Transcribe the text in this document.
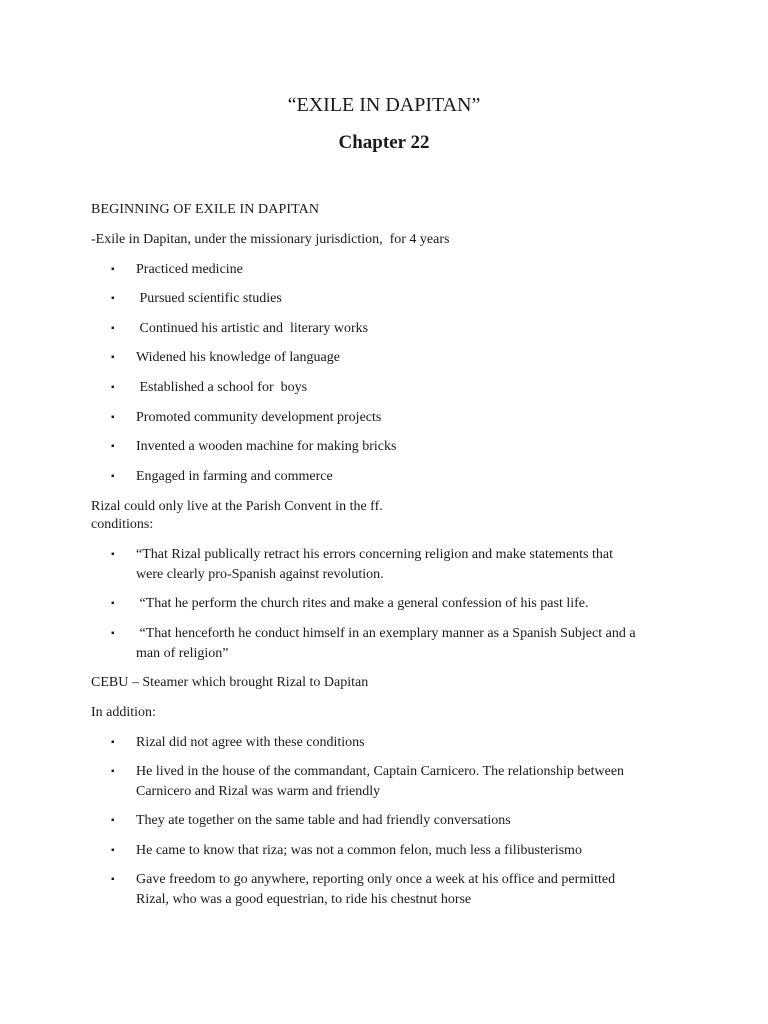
“EXILE IN DAPITAN”
Chapter 22

BEGINNING OF EXILE IN DAPITAN

-Exile in Dapitan, under the missionary jurisdiction,  for 4 years

▪	Practiced medicine
▪	Pursued scientific studies
▪	Continued his artistic and  literary works
▪	Widened his knowledge of language
▪	Established a school for  boys
▪	Promoted community development projects
▪	Invented a wooden machine for making bricks
▪	Engaged in farming and commerce

Rizal could only live at the Parish Convent in the ff.

conditions:

▪	“That Rizal publically retract his errors concerning religion and make statements that
were clearly pro-Spanish against revolution.
▪	“That he perform the church rites and make a general confession of his past life.
▪	“That henceforth he conduct himself in an exemplary manner as a Spanish Subject and a
man of religion”

CEBU – Steamer which brought Rizal to Dapitan

In addition:

▪	Rizal did not agree with these conditions
▪	He lived in the house of the commandant, Captain Carnicero. The relationship between
Carnicero and Rizal was warm and friendly
▪	They ate together on the same table and had friendly conversations
▪	He came to know that riza; was not a common felon, much less a filibusterismo
▪	Gave freedom to go anywhere, reporting only once a week at his office and permitted
Rizal, who was a good equestrian, to ride his chestnut horse
